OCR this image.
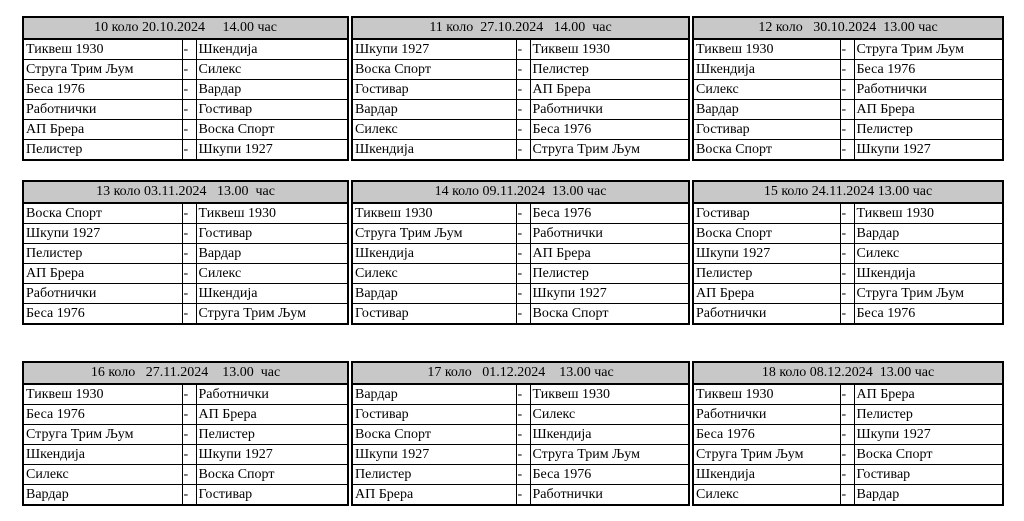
10 коло 20.10.2024     14.00 час
Тиквеш 1930	-	Шкендија
Струга Трим Љум	-	Силекс
Беса 1976	-	Вардар
Работнички	-	Гостивар
АП Брера	-	Воска Спорт
Пелистер	-	Шкупи 1927
11 коло  27.10.2024   14.00  час
Шкупи 1927	-	Тиквеш 1930
Воска Спорт	-	Пелистер
Гостивар	-	АП Брера
Вардар	-	Работнички
Силекс	-	Беса 1976
Шкендија	-	Струга Трим Љум
12 коло   30.10.2024  13.00 час
Тиквеш 1930	-	Струга Трим Љум
Шкендија	-	Беса 1976
Силекс	-	Работнички
Вардар	-	АП Брера
Гостивар	-	Пелистер
Воска Спорт	-	Шкупи 1927
13 коло 03.11.2024   13.00  час
Воска Спорт	-	Тиквеш 1930
Шкупи 1927	-	Гостивар
Пелистер	-	Вардар
АП Брера	-	Силекс
Работнички	-	Шкендија
Беса 1976	-	Струга Трим Љум
14 коло 09.11.2024  13.00 час
Тиквеш 1930	-	Беса 1976
Струга Трим Љум	-	Работнички
Шкендија	-	АП Брера
Силекс	-	Пелистер
Вардар	-	Шкупи 1927
Гостивар	-	Воска Спорт
15 коло 24.11.2024 13.00 час
Гостивар	-	Тиквеш 1930
Воска Спорт	-	Вардар
Шкупи 1927	-	Силекс
Пелистер	-	Шкендија
АП Брера	-	Струга Трим Љум
Работнички	-	Беса 1976
16 коло   27.11.2024    13.00  час
Тиквеш 1930	-	Работнички
Беса 1976	-	АП Брера
Струга Трим Љум	-	Пелистер
Шкендија	-	Шкупи 1927
Силекс	-	Воска Спорт
Вардар	-	Гостивар
17 коло   01.12.2024    13.00 час
Вардар	-	Тиквеш 1930
Гостивар	-	Силекс
Воска Спорт	-	Шкендија
Шкупи 1927	-	Струга Трим Љум
Пелистер	-	Беса 1976
АП Брера	-	Работнички
18 коло 08.12.2024  13.00 час
Тиквеш 1930	-	АП Брера
Работнички	-	Пелистер
Беса 1976	-	Шкупи 1927
Струга Трим Љум	-	Воска Спорт
Шкендија	-	Гостивар
Силекс	-	Вардар
